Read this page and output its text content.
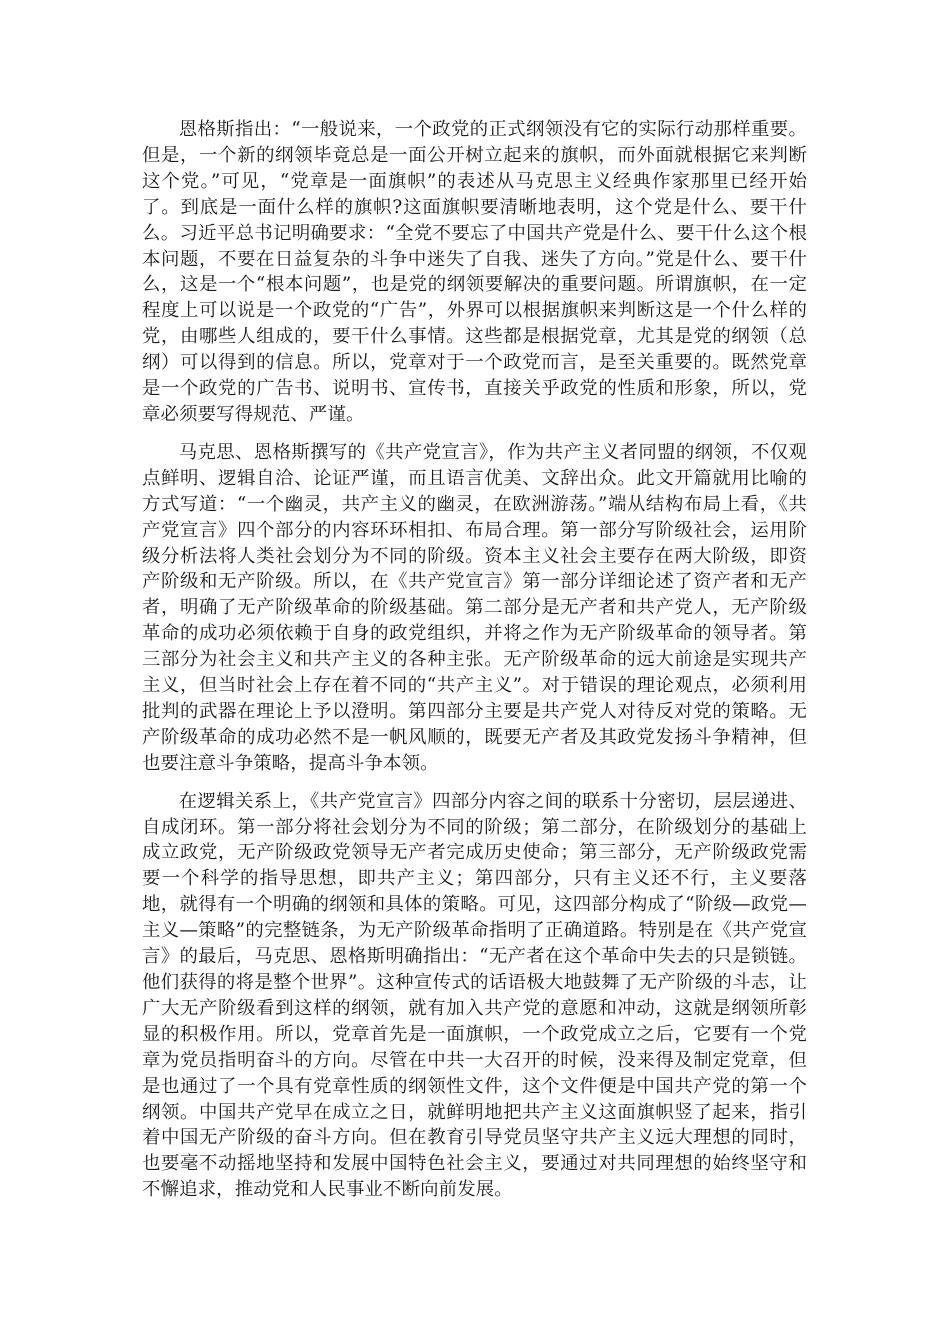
恩格斯指出：“一般说来，一个政党的正式纲领没有它的实际行动那样重要。但是，一个新的纲领毕竟总是一面公开树立起来的旗帜，而外面就根据它来判断这个党。”可见，“党章是一面旗帜”的表述从马克思主义经典作家那里已经开始了。到底是一面什么样的旗帜?这面旗帜要清晰地表明，这个党是什么、要干什么。习近平总书记明确要求：“全党不要忘了中国共产党是什么、要干什么这个根本问题，不要在日益复杂的斗争中迷失了自我、迷失了方向。”党是什么、要干什么，这是一个“根本问题”，也是党的纲领要解决的重要问题。所谓旗帜，在一定程度上可以说是一个政党的“广告”，外界可以根据旗帜来判断这是一个什么样的党，由哪些人组成的，要干什么事情。这些都是根据党章，尤其是党的纲领（总纲）可以得到的信息。所以，党章对于一个政党而言，是至关重要的。既然党章是一个政党的广告书、说明书、宣传书，直接关乎政党的性质和形象，所以，党章必须要写得规范、严谨。

马克思、恩格斯撰写的《共产党宣言》，作为共产主义者同盟的纲领，不仅观点鲜明、逻辑自洽、论证严谨，而且语言优美、文辞出众。此文开篇就用比喻的方式写道：“一个幽灵，共产主义的幽灵，在欧洲游荡。”端从结构布局上看，《共产党宣言》四个部分的内容环环相扣、布局合理。第一部分写阶级社会，运用阶级分析法将人类社会划分为不同的阶级。资本主义社会主要存在两大阶级，即资产阶级和无产阶级。所以，在《共产党宣言》第一部分详细论述了资产者和无产者，明确了无产阶级革命的阶级基础。第二部分是无产者和共产党人，无产阶级革命的成功必须依赖于自身的政党组织，并将之作为无产阶级革命的领导者。第三部分为社会主义和共产主义的各种主张。无产阶级革命的远大前途是实现共产主义，但当时社会上存在着不同的“共产主义”。对于错误的理论观点，必须利用批判的武器在理论上予以澄明。第四部分主要是共产党人对待反对党的策略。无产阶级革命的成功必然不是一帆风顺的，既要无产者及其政党发扬斗争精神，但也要注意斗争策略，提高斗争本领。

在逻辑关系上，《共产党宣言》四部分内容之间的联系十分密切，层层递进、自成闭环。第一部分将社会划分为不同的阶级；第二部分，在阶级划分的基础上成立政党，无产阶级政党领导无产者完成历史使命；第三部分，无产阶级政党需要一个科学的指导思想，即共产主义；第四部分，只有主义还不行，主义要落地，就得有一个明确的纲领和具体的策略。可见，这四部分构成了“阶级—政党—主义—策略”的完整链条，为无产阶级革命指明了正确道路。特别是在《共产党宣言》的最后，马克思、恩格斯明确指出：“无产者在这个革命中失去的只是锁链。他们获得的将是整个世界”。这种宣传式的话语极大地鼓舞了无产阶级的斗志，让广大无产阶级看到这样的纲领，就有加入共产党的意愿和冲动，这就是纲领所彰显的积极作用。所以，党章首先是一面旗帜，一个政党成立之后，它要有一个党章为党员指明奋斗的方向。尽管在中共一大召开的时候，没来得及制定党章，但是也通过了一个具有党章性质的纲领性文件，这个文件便是中国共产党的第一个纲领。中国共产党早在成立之日，就鲜明地把共产主义这面旗帜竖了起来，指引着中国无产阶级的奋斗方向。但在教育引导党员坚守共产主义远大理想的同时，也要毫不动摇地坚持和发展中国特色社会主义，要通过对共同理想的始终坚守和不懈追求，推动党和人民事业不断向前发展。
